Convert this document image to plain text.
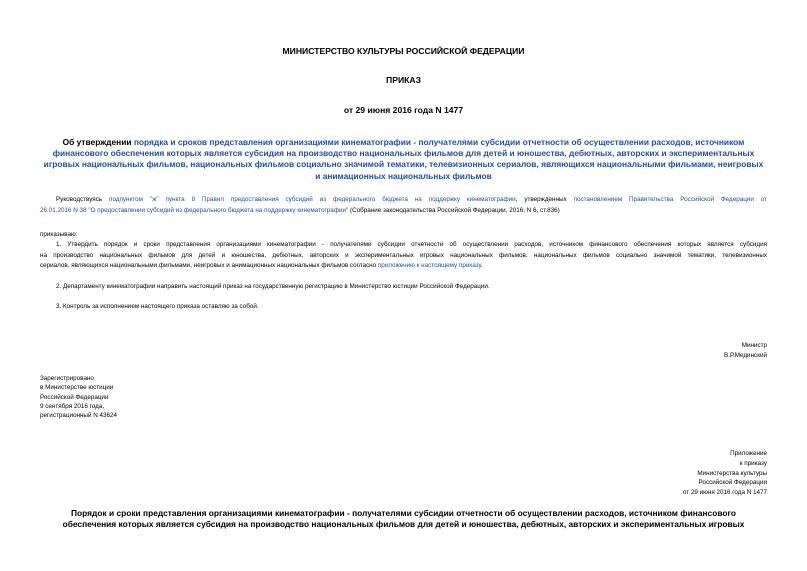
МИНИСТЕРСТВО КУЛЬТУРЫ РОССИЙСКОЙ ФЕДЕРАЦИИ
ПРИКАЗ
от 29 июня 2016 года N 1477
Об утверждении порядка и сроков представления организациями кинематографии - получателями субсидии отчетности об осуществлении расходов, источником финансового обеспечения которых является субсидия на производство национальных фильмов для детей и юношества, дебютных, авторских и экспериментальных игровых национальных фильмов, национальных фильмов социально значимой тематики, телевизионных сериалов, являющихся национальными фильмами, неигровых и анимационных национальных фильмов
Руководствуясь подпунктом "ж" пункта 8 Правил предоставления субсидий из федерального бюджета на поддержку кинематографии, утвержденных постановлением Правительства Российской Федерации от
26.01.2016 N 38 "О предоставлении субсидий из федерального бюджета на поддержку кинематографии" (Собрание законодательства Российской Федерации, 2016, N 6, ст.836)
приказываю:
1. Утвердить порядок и сроки представления организациями кинематографии - получателями субсидии отчетности об осуществлении расходов, источником финансового обеспечения которых является субсидия
на производство национальных фильмов для детей и юношества, дебютных, авторских и экспериментальных игровых национальных фильмов, национальных фильмов социально значимой тематики, телевизионных
сериалов, являющихся национальными фильмами, неигровых и анимационных национальных фильмов согласно приложению к настоящему приказу.
2. Департаменту кинематографии направить настоящий приказ на государственную регистрацию в Министерство юстиции Российской Федерации.
3. Контроль за исполнением настоящего приказа оставляю за собой.
Министр
В.Р.Мединский
Зарегистрировано
в Министерстве юстиции
Российской Федерации
9 сентября 2016 года,
регистрационный N 43624
Приложение
к приказу
Министерства культуры
Российской Федерации
от 29 июня 2016 года N 1477
Порядок и сроки представления организациями кинематографии - получателями субсидии отчетности об осуществлении расходов, источником финансового
обеспечения которых является субсидия на производство национальных фильмов для детей и юношества, дебютных, авторских и экспериментальных игровых
